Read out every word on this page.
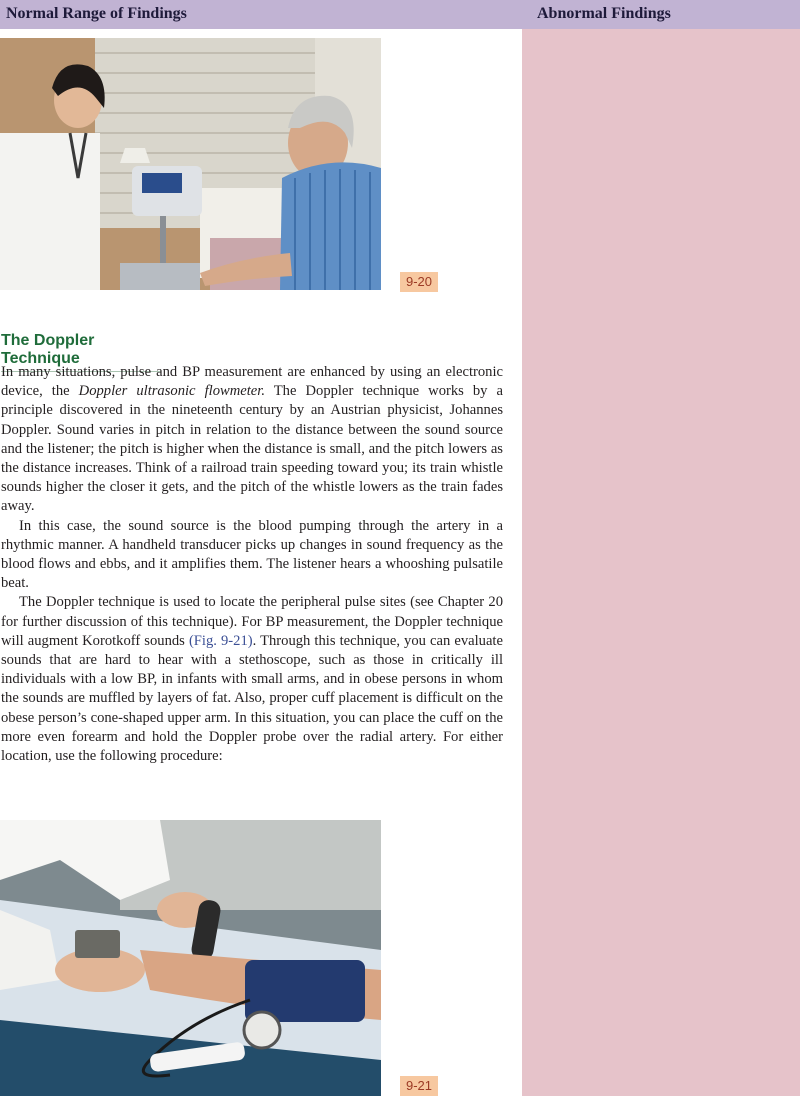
Normal Range of Findings	Abnormal Findings
9-20
The Doppler Technique

In many situations, pulse and BP measurement are enhanced by using an electronic device, the Doppler ultrasonic flowmeter. The Doppler technique works by a principle discovered in the nineteenth century by an Austrian physicist, Johannes Doppler. Sound varies in pitch in relation to the distance between the sound source and the listener; the pitch is higher when the distance is small, and the pitch lowers as the distance increases. Think of a railroad train speeding toward you; its train whistle sounds higher the closer it gets, and the pitch of the whistle lowers as the train fades away.

In this case, the sound source is the blood pumping through the artery in a rhythmic manner. A handheld transducer picks up changes in sound frequency as the blood flows and ebbs, and it amplifies them. The listener hears a whooshing pulsatile beat.

The Doppler technique is used to locate the peripheral pulse sites (see Chapter 20 for further discussion of this technique). For BP measurement, the Doppler technique will augment Korotkoff sounds (Fig. 9-21). Through this technique, you can evaluate sounds that are hard to hear with a stethoscope, such as those in critically ill individuals with a low BP, in infants with small arms, and in obese persons in whom the sounds are muffled by layers of fat. Also, proper cuff placement is difficult on the obese person’s cone-shaped upper arm. In this situation, you can place the cuff on the more even forearm and hold the Doppler probe over the radial artery. For either location, use the following procedure:

9-21
